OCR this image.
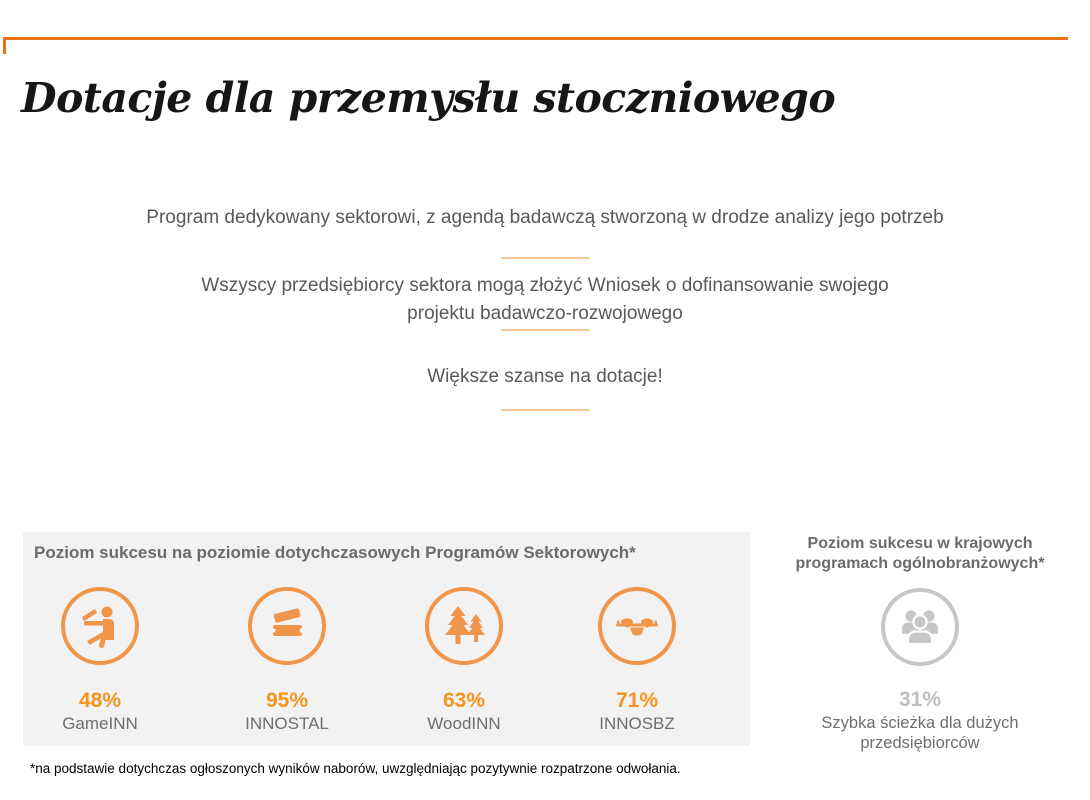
Dotacje dla przemysłu stoczniowego
Program dedykowany sektorowi, z agendą badawczą stworzoną w drodze analizy jego potrzeb
Wszyscy przedsiębiorcy sektora mogą złożyć Wniosek o dofinansowanie swojego projektu badawczo-rozwojowego
Większe szanse na dotacje!
Poziom sukcesu na poziomie dotychczasowych Programów Sektorowych*
48%
GameINN
95%
INNOSTAL
63%
WoodINN
71%
INNOSBZ
Poziom sukcesu w krajowych programach ogólnobranżowych*
31%
Szybka ścieżka dla dużych przedsiębiorców
*na podstawie dotychczas ogłoszonych wyników naborów, uwzględniając pozytywnie rozpatrzone odwołania.
